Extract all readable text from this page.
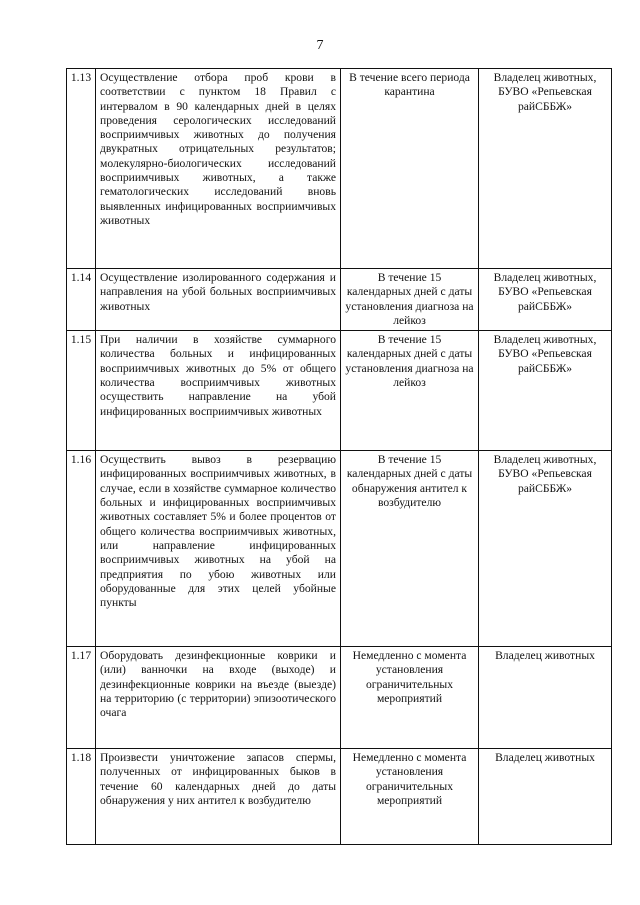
7
1.13	Осуществление отбора проб крови в соответствии с пунктом 18 Правил с интервалом в 90 календарных дней в целях проведения серологических исследований восприимчивых животных до получения двукратных отрицательных результатов; молекулярно-биологических исследований восприимчивых животных, а также гематологических исследований вновь выявленных инфицированных восприимчивых животных	В течение всего периода карантина	Владелец животных, БУВО «Репьевская райСББЖ»
1.14	Осуществление изолированного содержания и направления на убой больных восприимчивых животных	В течение 15 календарных дней с даты установления диагноза на лейкоз	Владелец животных, БУВО «Репьевская райСББЖ»
1.15	При наличии в хозяйстве суммарного количества больных и инфицированных восприимчивых животных до 5% от общего количества восприимчивых животных осуществить направление на убой инфицированных восприимчивых животных	В течение 15 календарных дней с даты установления диагноза на лейкоз	Владелец животных, БУВО «Репьевская райСББЖ»
1.16	Осуществить вывоз в резервацию инфицированных восприимчивых животных, в случае, если в хозяйстве суммарное количество больных и инфицированных восприимчивых животных составляет 5% и более процентов от общего количества восприимчивых животных, или направление инфицированных восприимчивых животных на убой на предприятия по убою животных или оборудованные для этих целей убойные пункты	В течение 15 календарных дней с даты обнаружения антител к возбудителю	Владелец животных, БУВО «Репьевская райСББЖ»
1.17	Оборудовать дезинфекционные коврики и (или) ванночки на входе (выходе) и дезинфекционные коврики на въезде (выезде) на территорию (с территории) эпизоотического очага	Немедленно с момента установления ограничительных мероприятий	Владелец животных
1.18	Произвести уничтожение запасов спермы, полученных от инфицированных быков в течение 60 календарных дней до даты обнаружения у них антител к возбудителю	Немедленно с момента установления ограничительных мероприятий	Владелец животных
